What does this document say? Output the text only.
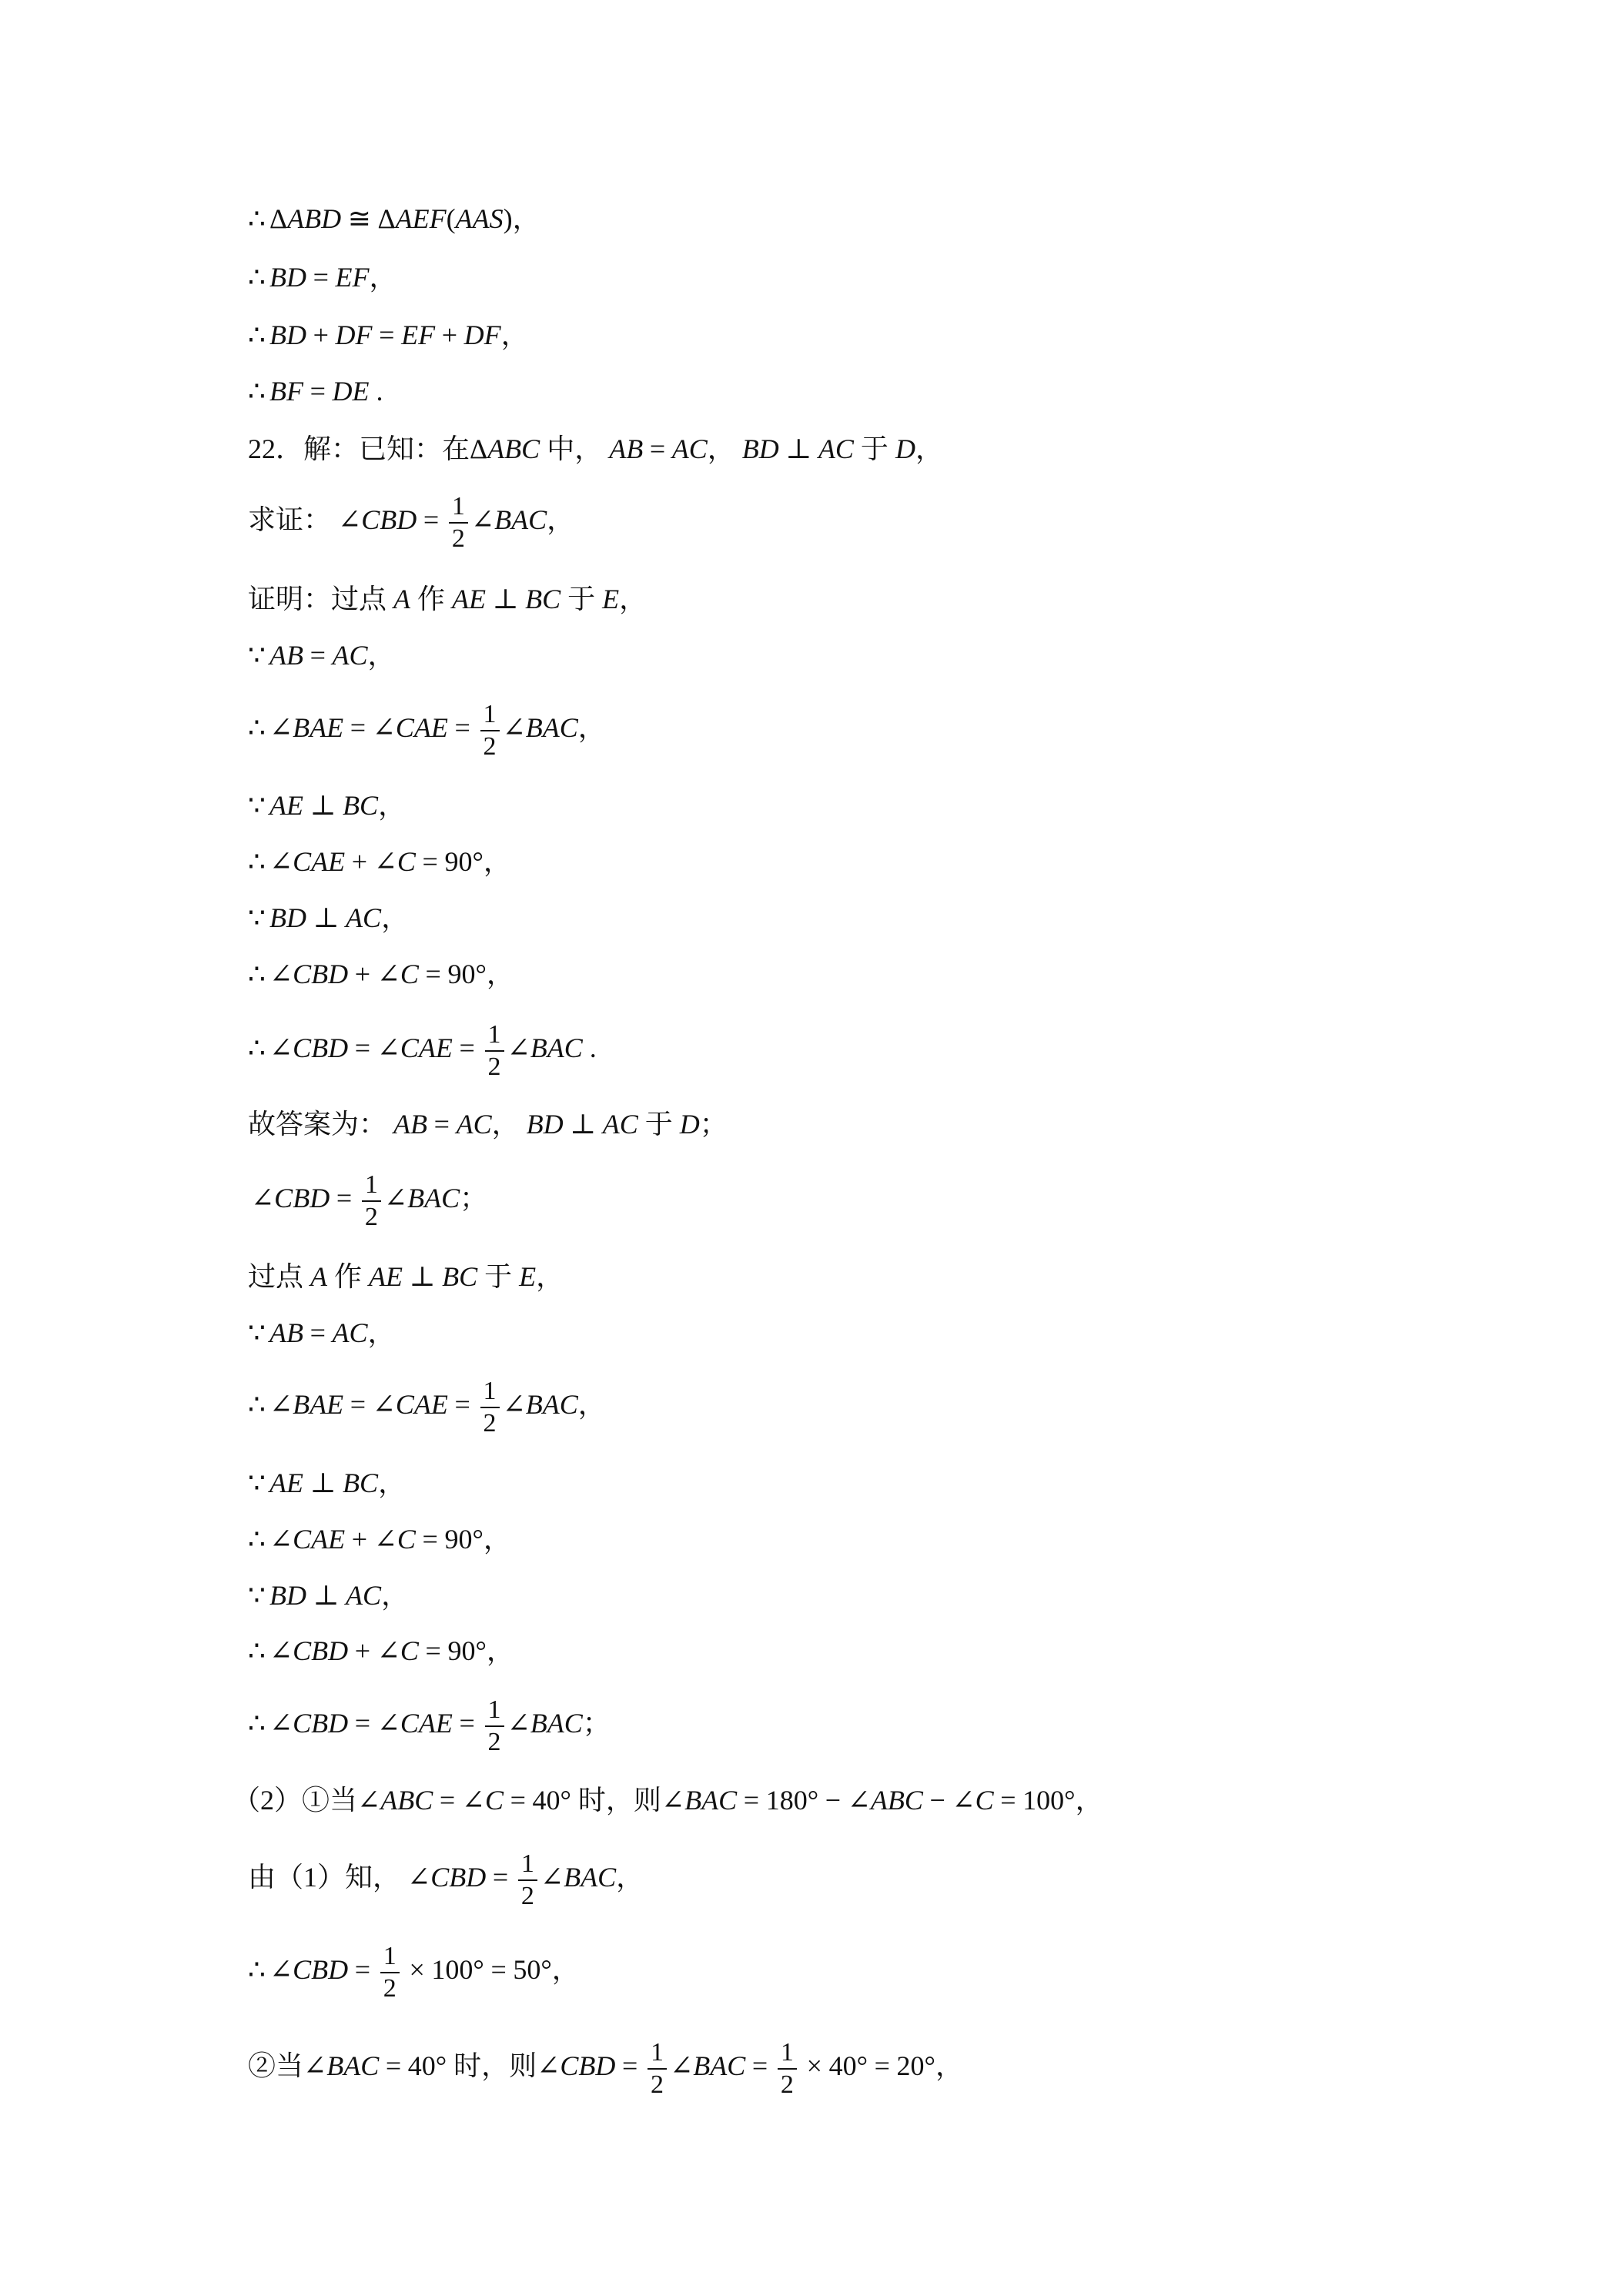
∴ ΔABD ≅ ΔAEF(AAS)，
∴ BD = EF，
∴ BD + DF = EF + DF，
∴ BF = DE .
22．解：已知：在ΔABC 中， AB = AC， BD ⊥ AC 于 D，
求证： ∠CBD = $\frac{1}{2}$ ∠BAC，
证明：过点 A 作 AE ⊥ BC 于 E，
∵ AB = AC，
∴ ∠BAE = ∠CAE = $\frac{1}{2}$ ∠BAC，
∵ AE ⊥ BC，
∴ ∠CAE + ∠C = 90°，
∵ BD ⊥ AC，
∴ ∠CBD + ∠C = 90°，
∴ ∠CBD = ∠CAE = $\frac{1}{2}$ ∠BAC .
故答案为： AB = AC， BD ⊥ AC 于 D；
∠CBD = $\frac{1}{2}$ ∠BAC；
过点 A 作 AE ⊥ BC 于 E，
∵ AB = AC，
∴ ∠BAE = ∠CAE = $\frac{1}{2}$ ∠BAC，
∵ AE ⊥ BC，
∴ ∠CAE + ∠C = 90°，
∵ BD ⊥ AC，
∴ ∠CBD + ∠C = 90°，
∴ ∠CBD = ∠CAE = $\frac{1}{2}$ ∠BAC；
（2）①当∠ABC = ∠C = 40° 时，则∠BAC = 180° − ∠ABC − ∠C = 100°，
由（1）知， ∠CBD = $\frac{1}{2}$ ∠BAC，
∴ ∠CBD = $\frac{1}{2} \times 100^\circ = 50^\circ$，
②当∠BAC = 40° 时，则∠CBD = $\frac{1}{2}$ ∠BAC = $\frac{1}{2} \times 40^\circ = 20^\circ$，
